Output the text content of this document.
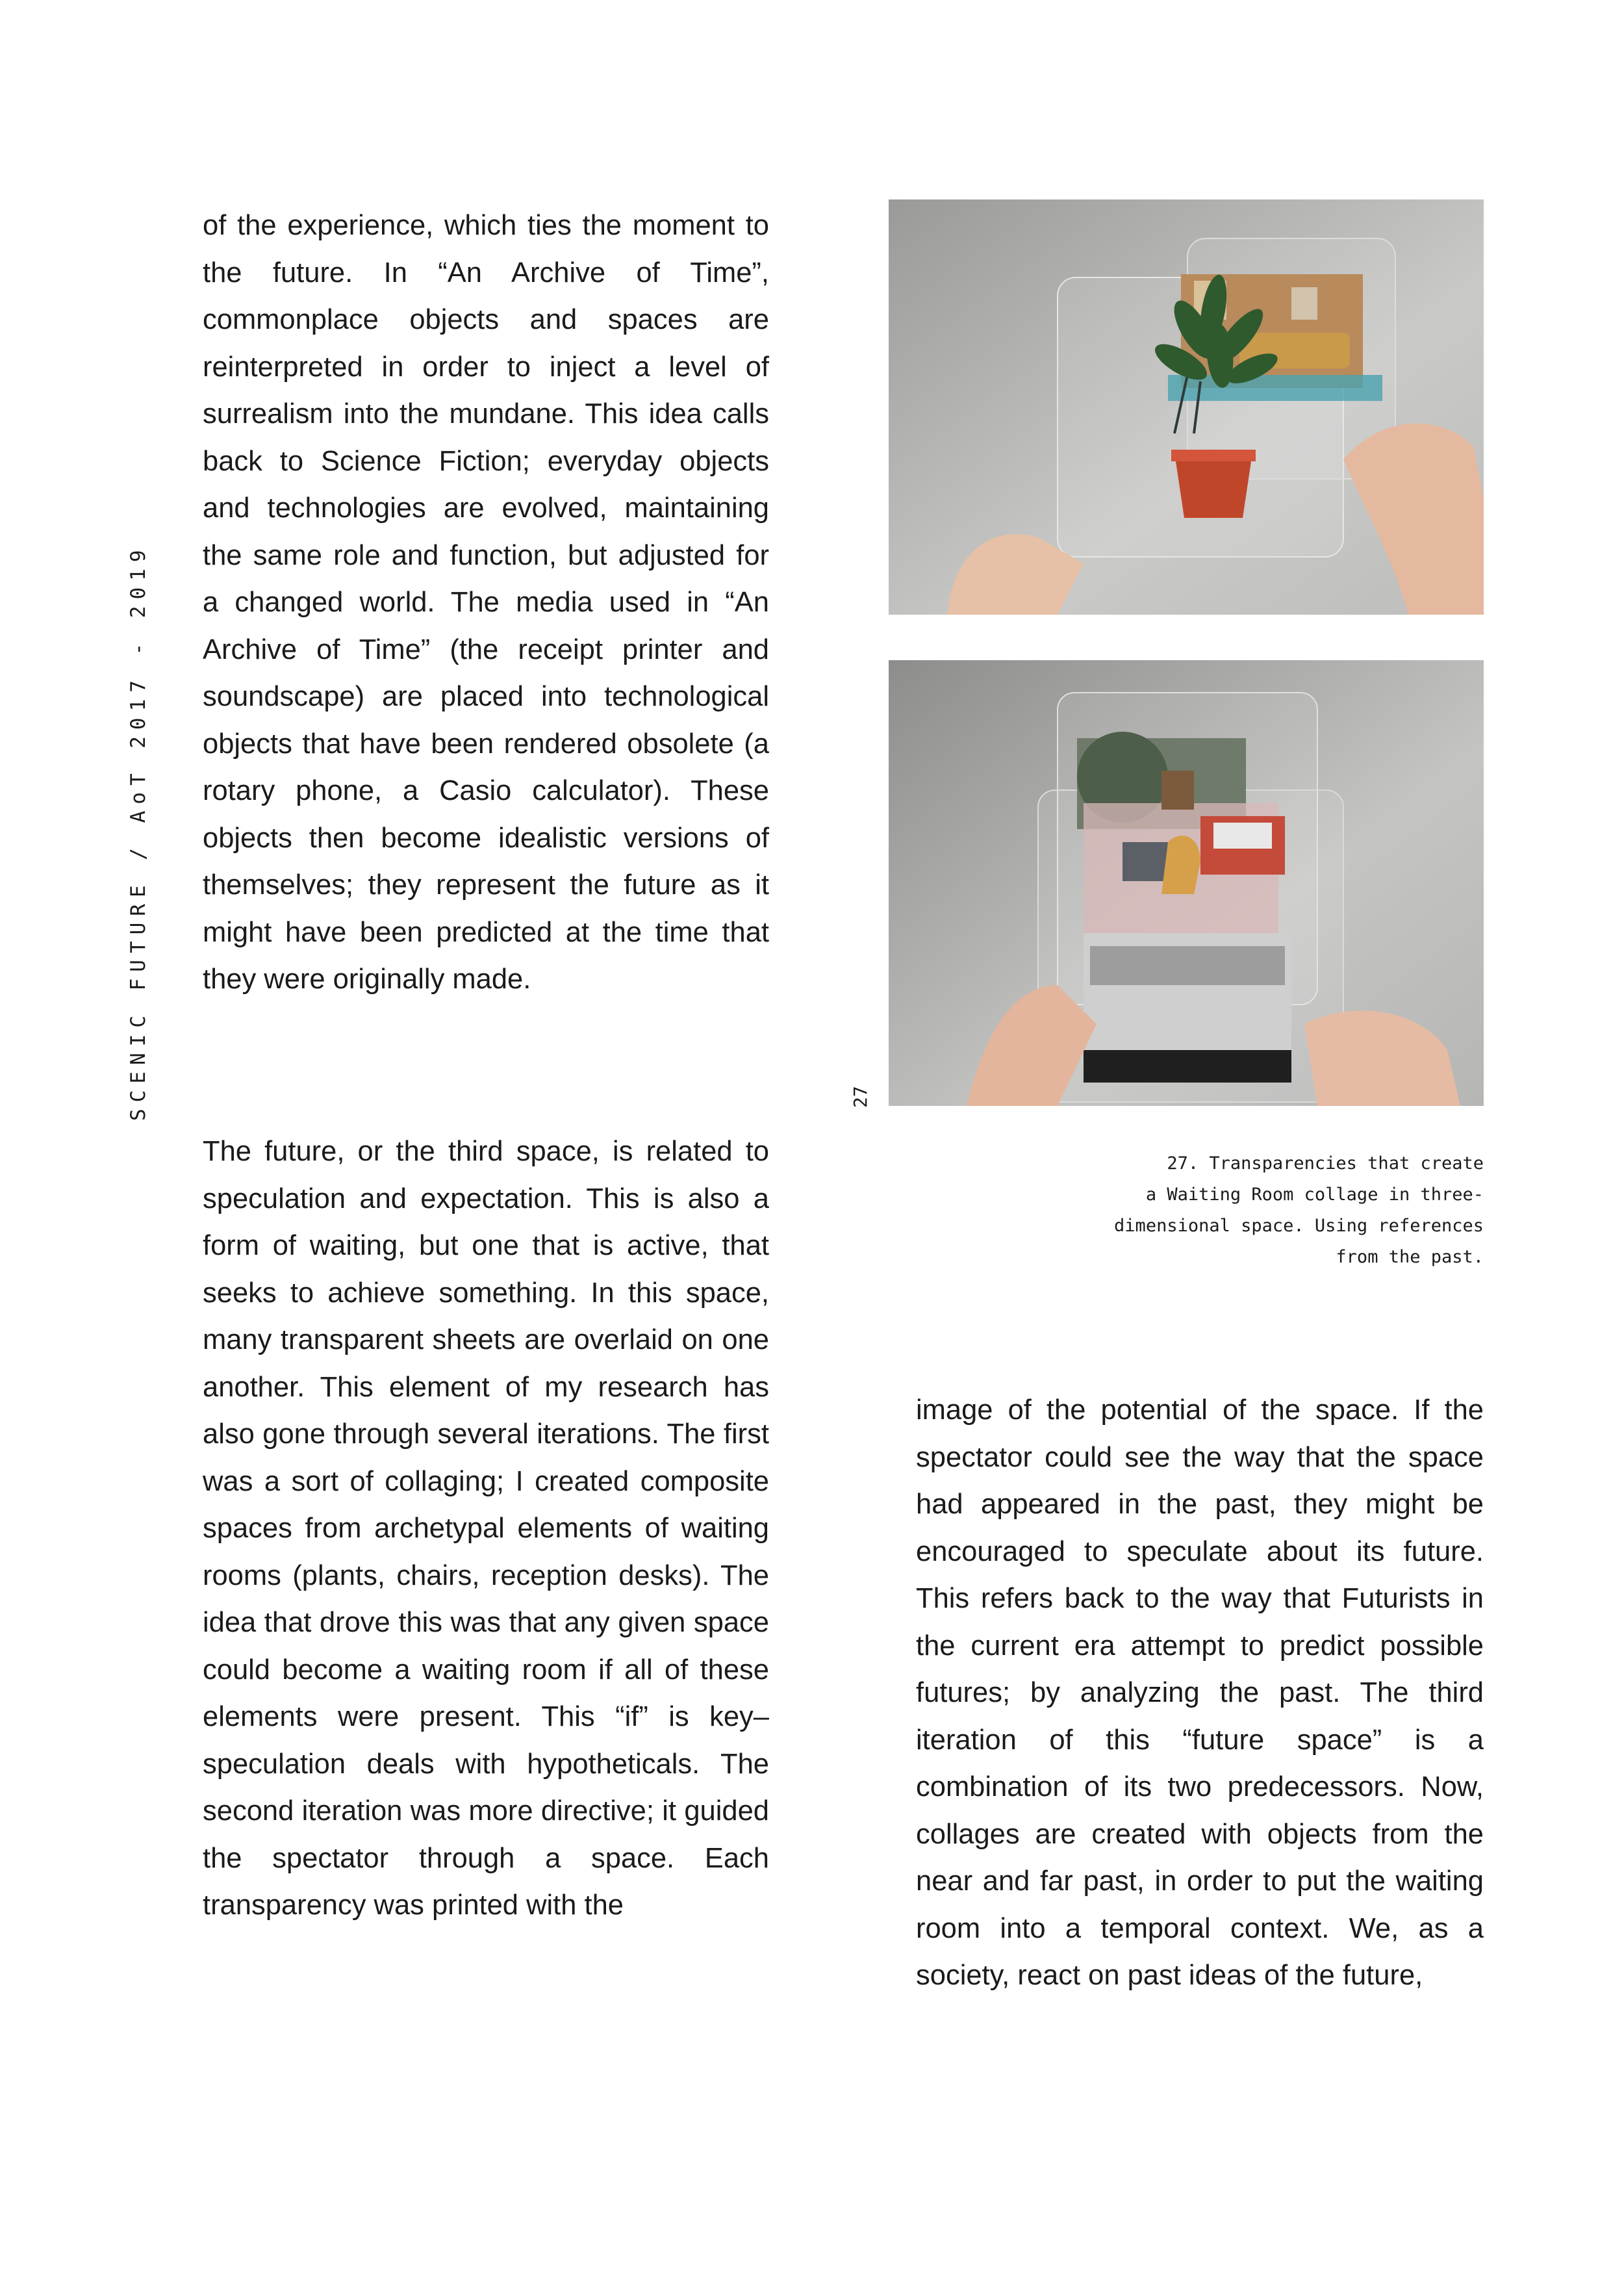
SCENIC FUTURE / AoT 2017 - 2019

of the experience, which ties the moment to the future. In “An Archive of Time”, commonplace objects and spaces are reinterpreted in order to inject a level of surrealism into the mundane. This idea calls back to Science Fiction; everyday objects and technologies are evolved, maintaining the same role and function, but adjusted for a changed world. The media used in “An Archive of Time” (the receipt printer and soundscape) are placed into technological objects that have been rendered obsolete (a rotary phone, a Casio calculator). These objects then become idealistic versions of themselves; they represent the future as it might have been predicted at the time that they were originally made.

The future, or the third space, is related to speculation and expectation. This is also a form of waiting, but one that is active, that seeks to achieve something. In this space, many transparent sheets are overlaid on one another. This element of my research has also gone through several iterations. The first was a sort of collaging; I created composite spaces from archetypal elements of waiting rooms (plants, chairs, reception desks). The idea that drove this was that any given space could become a waiting room if all of these elements were present. This “if” is key– speculation deals with hypotheticals. The second iteration was more directive; it guided the spectator through a space. Each transparency was printed with the

27
27. Transparencies that create
a Waiting Room collage in three-
dimensional space. Using references
from the past.

image of the potential of the space. If the spectator could see the way that the space had appeared in the past, they might be encouraged to speculate about its future. This refers back to the way that Futurists in the current era attempt to predict possible futures; by analyzing the past. The third iteration of this “future space” is a combination of its two predecessors. Now, collages are created with objects from the near and far past, in order to put the waiting room into a temporal context. We, as a society, react on past ideas of the future,
